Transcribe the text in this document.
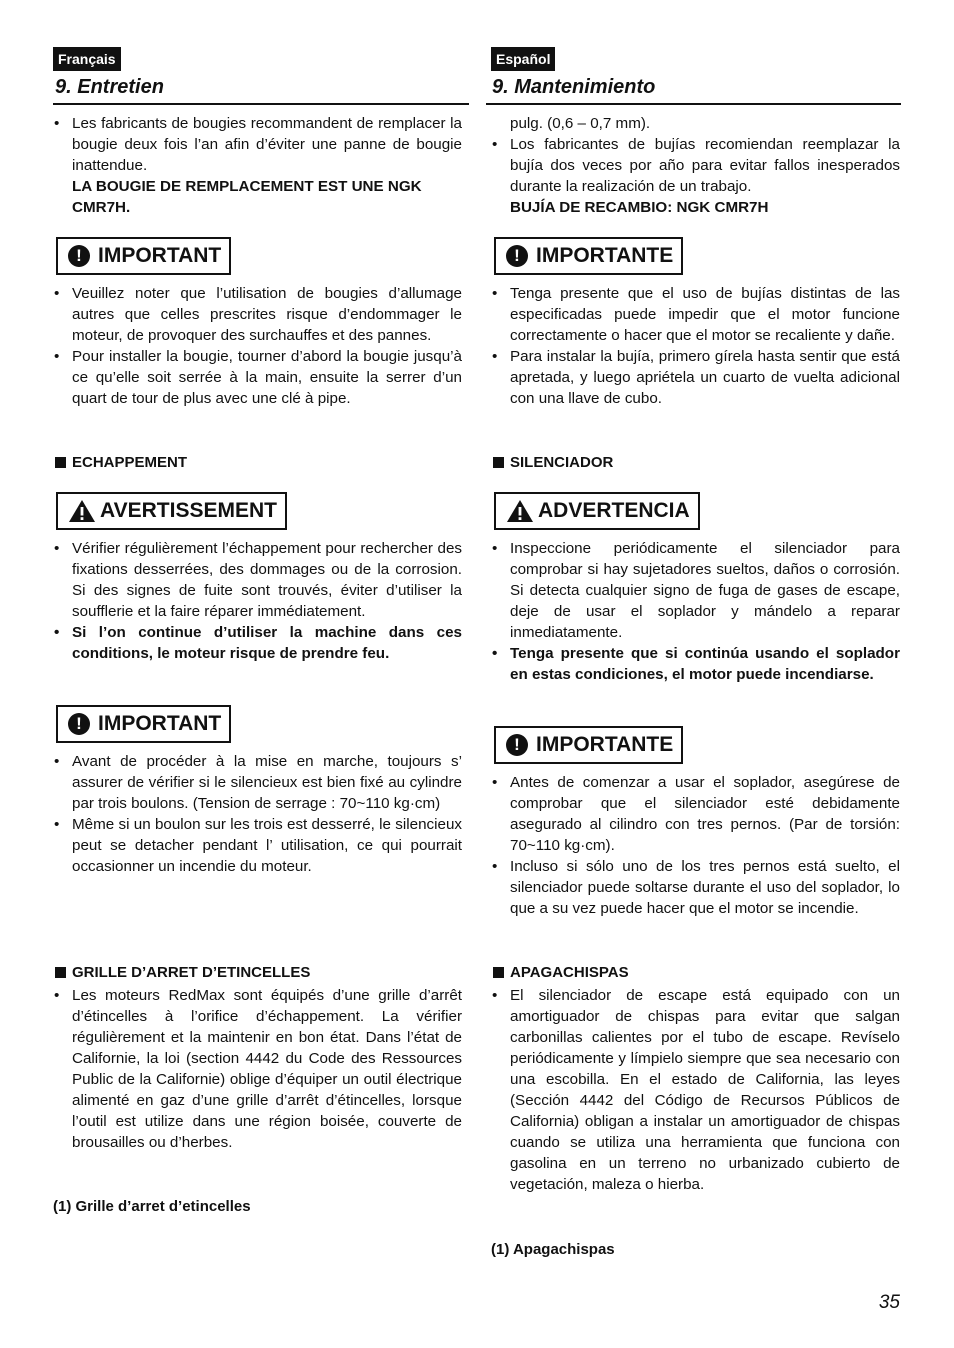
Français
9. Entretien
• Les fabricants de bougies recommandent de remplacer la bougie deux fois l’an afin d’éviter une panne de bougie inattendue.
LA BOUGIE DE REMPLACEMENT EST UNE NGK CMR7H.
! IMPORTANT
• Veuillez noter que l’utilisation de bougies d’allumage autres que celles prescrites risque d’endommager le moteur, de provoquer des surchauffes et des pannes.
• Pour installer la bougie, tourner d’abord la bougie jusqu’à ce qu’elle soit serrée à la main, ensuite la serrer d’un quart de tour de plus avec une clé à pipe.
ECHAPPEMENT
AVERTISSEMENT
• Vérifier régulièrement l’échappement pour rechercher des fixations desserrées, des dommages ou de la corrosion. Si des signes de fuite sont trouvés, éviter d’utiliser la soufflerie et la faire réparer immédiatement.
• Si l’on continue d’utiliser la machine dans ces conditions, le moteur risque de prendre feu.
! IMPORTANT
• Avant de procéder à la mise en marche, toujours s’ assurer de vérifier si le silencieux est bien fixé au cylindre par trois boulons. (Tension de serrage : 70~110 kg·cm)
• Même si un boulon sur les trois est desserré, le silencieux peut se detacher pendant l’ utilisation, ce qui pourrait occasionner un incendie du moteur.
GRILLE D’ARRET D’ETINCELLES
• Les moteurs RedMax sont équipés d’une grille d’arrêt d’étincelles à l’orifice d’échappement. La vérifier régulièrement et la maintenir en bon état. Dans l’état de Californie, la loi (section 4442 du Code des Ressources Public de la Californie) oblige d’équiper un outil électrique alimenté en gaz d’une grille d’arrêt d’étincelles, lorsque l’outil est utilize dans une région boisée, couverte de brousailles ou d’herbes.
(1) Grille d’arret d’etincelles
Español
9. Mantenimiento
pulg. (0,6 – 0,7 mm).
• Los fabricantes de bujías recomiendan reemplazar la bujía dos veces por año para evitar fallos inesperados durante la realización de un trabajo.
BUJÍA DE RECAMBIO: NGK CMR7H
! IMPORTANTE
• Tenga presente que el uso de bujías distintas de las especificadas puede impedir que el motor funcione correctamente o hacer que el motor se recaliente y dañe.
• Para instalar la bujía, primero gírela hasta sentir que está apretada, y luego apriétela un cuarto de vuelta adicional con una llave de cubo.
SILENCIADOR
ADVERTENCIA
• Inspeccione periódicamente el silenciador para comprobar si hay sujetadores sueltos, daños o corrosión. Si detecta cualquier signo de fuga de gases de escape, deje de usar el soplador y mándelo a reparar inmediatamente.
• Tenga presente que si continúa usando el soplador en estas condiciones, el motor puede incendiarse.
! IMPORTANTE
• Antes de comenzar a usar el soplador, asegúrese de comprobar que el silenciador esté debidamente asegurado al cilindro con tres pernos. (Par de torsión: 70~110 kg·cm).
• Incluso si sólo uno de los tres pernos está suelto, el silenciador puede soltarse durante el uso del soplador, lo que a su vez puede hacer que el motor se incendie.
APAGACHISPAS
• El silenciador de escape está equipado con un amortiguador de chispas para evitar que salgan carbonillas calientes por el tubo de escape. Revíselo periódicamente y límpielo siempre que sea necesario con una escobilla. En el estado de California, las leyes (Sección 4442 del Código de Recursos Públicos de California) obligan a instalar un amortiguador de chispas cuando se utiliza una herramienta que funciona con gasolina en un terreno no urbanizado cubierto de vegetación, maleza o hierba.
(1) Apagachispas
35
